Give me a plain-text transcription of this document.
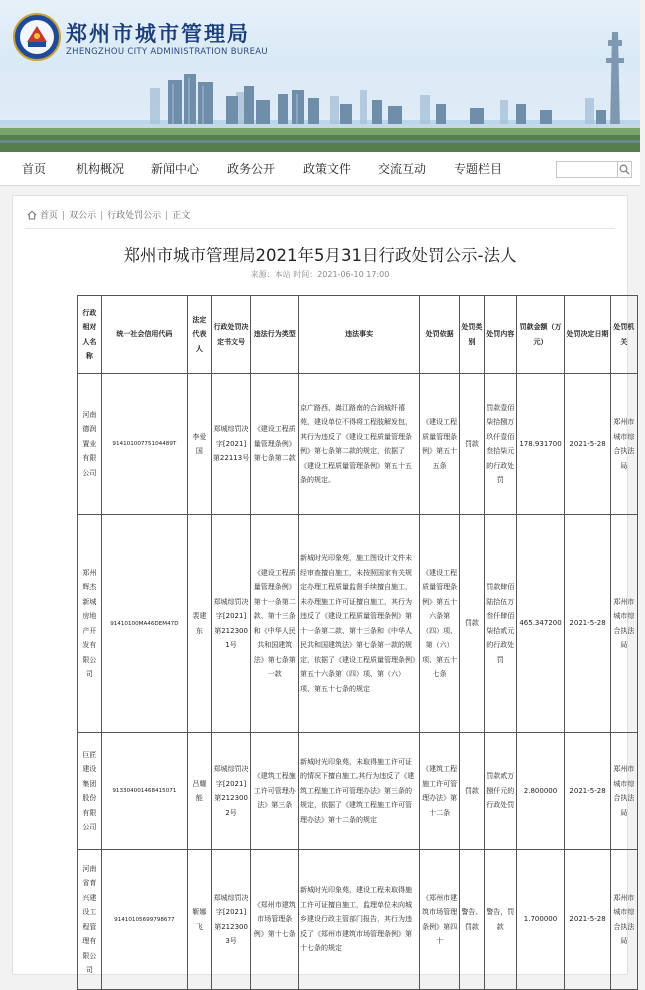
郑州市城市管理局
ZHENGZHOU CITY ADMINISTRATION BUREAU
首页 机构概况 新闻中心 政务公开 政策文件 交流互动 专题栏目
首页 | 双公示 | 行政处罚公示 | 正文
郑州市城市管理局2021年5月31日行政处罚公示-法人
来源：本站 时间：2021-06-10 17:00
行政相对人名称	统一社会信用代码	法定代表人	行政处罚决定书文号	违法行为类型	违法事实	处罚依据	处罚类别	处罚内容	罚款金额（万元）	处罚决定日期	处罚机关
河南德润置业有限公司	91410100775104489T	李爱国	郑城综罚决字[2021]第22113号	《建设工程质量管理条例》第七条第二款	京广路西、嵩江路南的合润城纤禧苑，建设单位不得将工程肢解发包，其行为违反了《建设工程质量管理条例》第七条第二款的规定，依据了《建设工程质量管理条例》第五十五条的规定。	《建设工程质量管理条例》第五十五条	罚款	罚款壹佰柒拾捌万玖仟壹佰叁拾柒元的行政处罚	178.931700	2021-5-28	郑州市城市综合执法局
郑州辉杰新城房地产开发有限公司	91410100MA46DEM47D	裴建东	郑城综罚决字[2021]第2123001号	《建设工程质量管理条例》第十一条第二款、第十三条和《中华人民共和国建筑法》第七条第一款	新城时光印象苑，施工图设计文件未经审查擅自施工，未按照国家有关规定办理工程质量监督手续擅自施工，未办理施工许可证擅自施工，其行为违反了《建设工程质量管理条例》第十一条第二款、第十三条和《中华人民共和国建筑法》第七条第一款的规定，依据了《建设工程质量管理条例》第五十六条第（四）项、第（六）项、第五十七条的规定	《建设工程质量管理条例》第五十六条第（四）项、第（六）项、第五十七条	罚款	罚款肆佰陆拾伍万叁仟肆佰柒拾贰元的行政处罚	465.347200	2021-5-28	郑州市城市综合执法局
巨匠建设集团股份有限公司	913304001468415071	吕耀能	郑城综罚决字[2021]第2123002号	《建筑工程施工许可管理办法》第三条	新城时光印象苑，未取得施工许可证的情况下擅自施工,其行为违反了《建筑工程施工许可管理办法》第三条的规定，依据了《建筑工程施工许可管理办法》第十二条的规定	《建筑工程施工许可管理办法》第十二条	罚款	罚款贰万捌仟元的行政处罚	2.800000	2021-5-28	郑州市城市综合执法局
河南省育兴建设工程管理有限公司	91410105699798677	靳娜飞	郑城综罚决字[2021]第2123003号	《郑州市建筑市场管理条例》第十七条	新城时光印象苑，建设工程未取得施工许可证擅自施工，监理单位未向城乡建设行政主管部门报告，其行为违反了《郑州市建筑市场管理条例》第十七条的规定	《郑州市建筑市场管理条例》第四十	警告、罚款	警告，罚款	1.700000	2021-5-28	郑州市城市综合执法局
